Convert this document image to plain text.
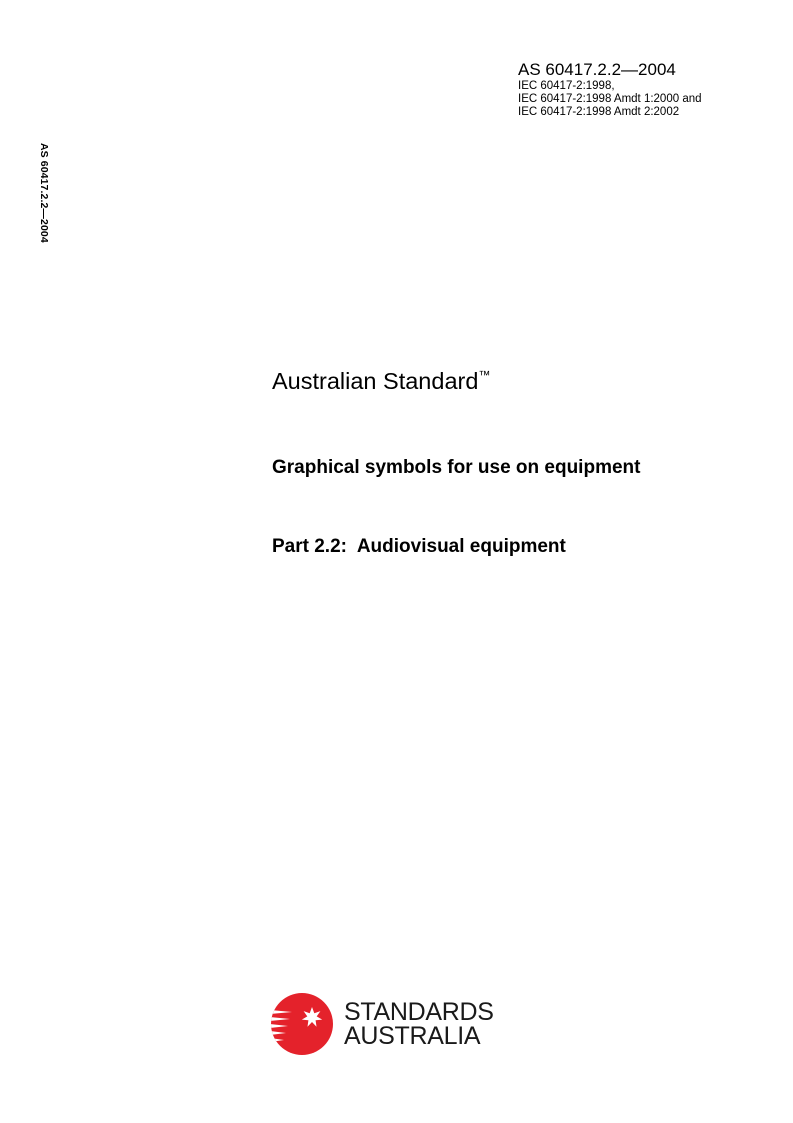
AS 60417.2.2—2004
IEC 60417-2:1998,
IEC 60417-2:1998 Amdt 1:2000 and
IEC 60417-2:1998 Amdt 2:2002
AS 60417.2.2—2004
Australian Standard™
Graphical symbols for use on equipment
Part 2.2:  Audiovisual equipment
STANDARDS
AUSTRALIA
